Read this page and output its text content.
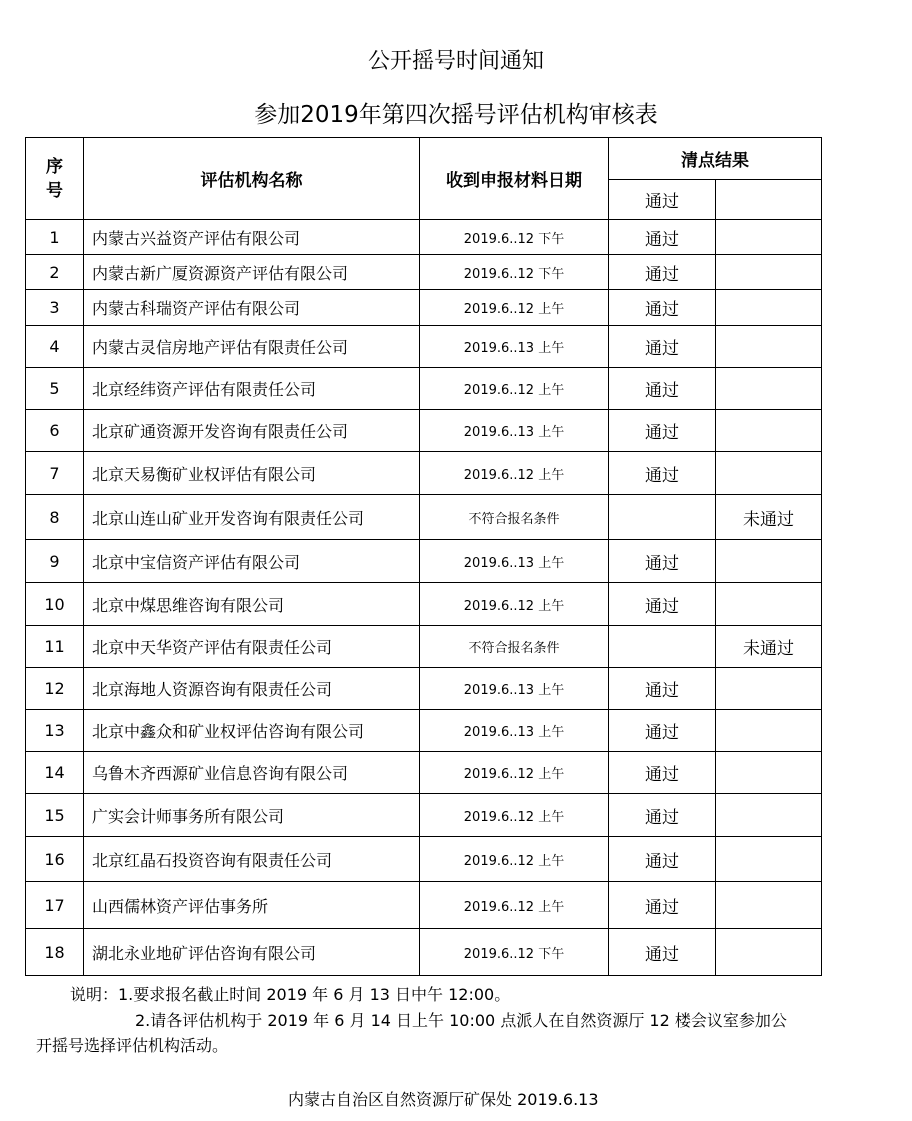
公开摇号时间通知
参加2019年第四次摇号评估机构审核表
序号	评估机构名称	收到申报材料日期	清点结果	
			通过	
1	内蒙古兴益资产评估有限公司	2019.6..12 下午	通过	
2	内蒙古新广厦资源资产评估有限公司	2019.6..12 下午	通过	
3	内蒙古科瑞资产评估有限公司	2019.6..12 上午	通过	
4	内蒙古灵信房地产评估有限责任公司	2019.6..13 上午	通过	
5	北京经纬资产评估有限责任公司	2019.6..12 上午	通过	
6	北京矿通资源开发咨询有限责任公司	2019.6..13 上午	通过	
7	北京天易衡矿业权评估有限公司	2019.6..12 上午	通过	
8	北京山连山矿业开发咨询有限责任公司	不符合报名条件		未通过
9	北京中宝信资产评估有限公司	2019.6..13 上午	通过	
10	北京中煤思维咨询有限公司	2019.6..12 上午	通过	
11	北京中天华资产评估有限责任公司	不符合报名条件		未通过
12	北京海地人资源咨询有限责任公司	2019.6..13 上午	通过	
13	北京中鑫众和矿业权评估咨询有限公司	2019.6..13 上午	通过	
14	乌鲁木齐西源矿业信息咨询有限公司	2019.6..12 上午	通过	
15	广实会计师事务所有限公司	2019.6..12 上午	通过	
16	北京红晶石投资咨询有限责任公司	2019.6..12 上午	通过	
17	山西儒林资产评估事务所	2019.6..12 上午	通过	
18	湖北永业地矿评估咨询有限公司	2019.6..12 下午	通过	
说明：1.要求报名截止时间 2019 年 6 月 13 日中午 12:00。
2.请各评估机构于 2019 年 6 月 14 日上午 10:00 点派人在自然资源厅 12 楼会议室参加公
开摇号选择评估机构活动。
内蒙古自治区自然资源厅矿保处 2019.6.13
